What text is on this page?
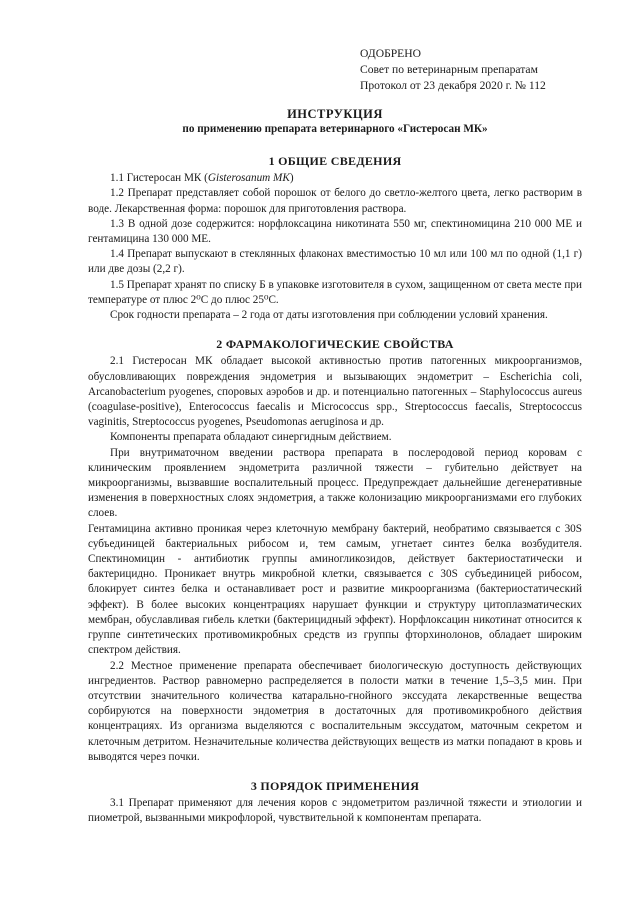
ОДОБРЕНО
Совет по ветеринарным препаратам
Протокол от 23 декабря 2020 г. № 112
ИНСТРУКЦИЯ
по применению препарата ветеринарного «Гистеросан МК»
1 ОБЩИЕ СВЕДЕНИЯ

1.1 Гистеросан МК (Gisterosanum MK)

1.2 Препарат представляет собой порошок от белого до светло-желтого цвета, легко растворим в воде. Лекарственная форма: порошок для приготовления раствора.

1.3 В одной дозе содержится: норфлоксацина никотината 550 мг, спектиномицина 210 000 МЕ и гентамицина 130 000 МЕ.

1.4 Препарат выпускают в стеклянных флаконах вместимостью 10 мл или 100 мл по одной (1,1 г) или две дозы (2,2 г).

1.5 Препарат хранят по списку Б в упаковке изготовителя в сухом, защищенном от света месте при температуре от плюс 2⁰С до плюс 25⁰С.

Срок годности препарата – 2 года от даты изготовления при соблюдении условий хранения.

2 ФАРМАКОЛОГИЧЕСКИЕ СВОЙСТВА

2.1 Гистеросан МК обладает высокой активностью против патогенных микроорганизмов, обусловливающих повреждения эндометрия и вызывающих эндометрит – Escherichia coli, Arcanobacterium pyogenes, споровых аэробов и др. и потенциально патогенных – Staphylococcus aureus (coagulase-positive), Enterococcus faecalis и Micrococcus spp., Streptococcus faecalis, Streptococcus vaginitis, Streptococcus pyogenes, Pseudomonas aeruginosa и др.

Компоненты препарата обладают синергидным действием.

При внутриматочном введении раствора препарата в послеродовой период коровам с клиническим проявлением эндометрита различной тяжести – губительно действует на микроорганизмы, вызвавшие воспалительный процесс. Предупреждает дальнейшие дегенеративные изменения в поверхностных слоях эндометрия, а также колонизацию микроорганизмами его глубоких слоев.

Гентамицина активно проникая через клеточную мембрану бактерий, необратимо связывается с 30S субъединицей бактериальных рибосом и, тем самым, угнетает синтез белка возбудителя. Спектиномицин - антибиотик группы аминогликозидов, действует бактериостатически и бактерицидно. Проникает внутрь микробной клетки, связывается с 30S субъединицей рибосом, блокирует синтез белка и останавливает рост и развитие микроорганизма (бактериостатический эффект). В более высоких концентрациях нарушает функции и структуру цитоплазматических мембран, обуславливая гибель клетки (бактерицидный эффект). Норфлоксацин никотинат относится к группе синтетических противомикробных средств из группы фторхинолонов, обладает широким спектром действия.

2.2 Местное применение препарата обеспечивает биологическую доступность действующих ингредиентов. Раствор равномерно распределяется в полости матки в течение 1,5–3,5 мин. При отсутствии значительного количества катарально-гнойного экссудата лекарственные вещества сорбируются на поверхности эндометрия в достаточных для противомикробного действия концентрациях. Из организма выделяются с воспалительным экссудатом, маточным секретом и клеточным детритом. Незначительные количества действующих веществ из матки попадают в кровь и выводятся через почки.

3 ПОРЯДОК ПРИМЕНЕНИЯ

3.1 Препарат применяют для лечения коров с эндометритом различной тяжести и этиологии и пиометрой, вызванными микрофлорой, чувствительной к компонентам препарата.
